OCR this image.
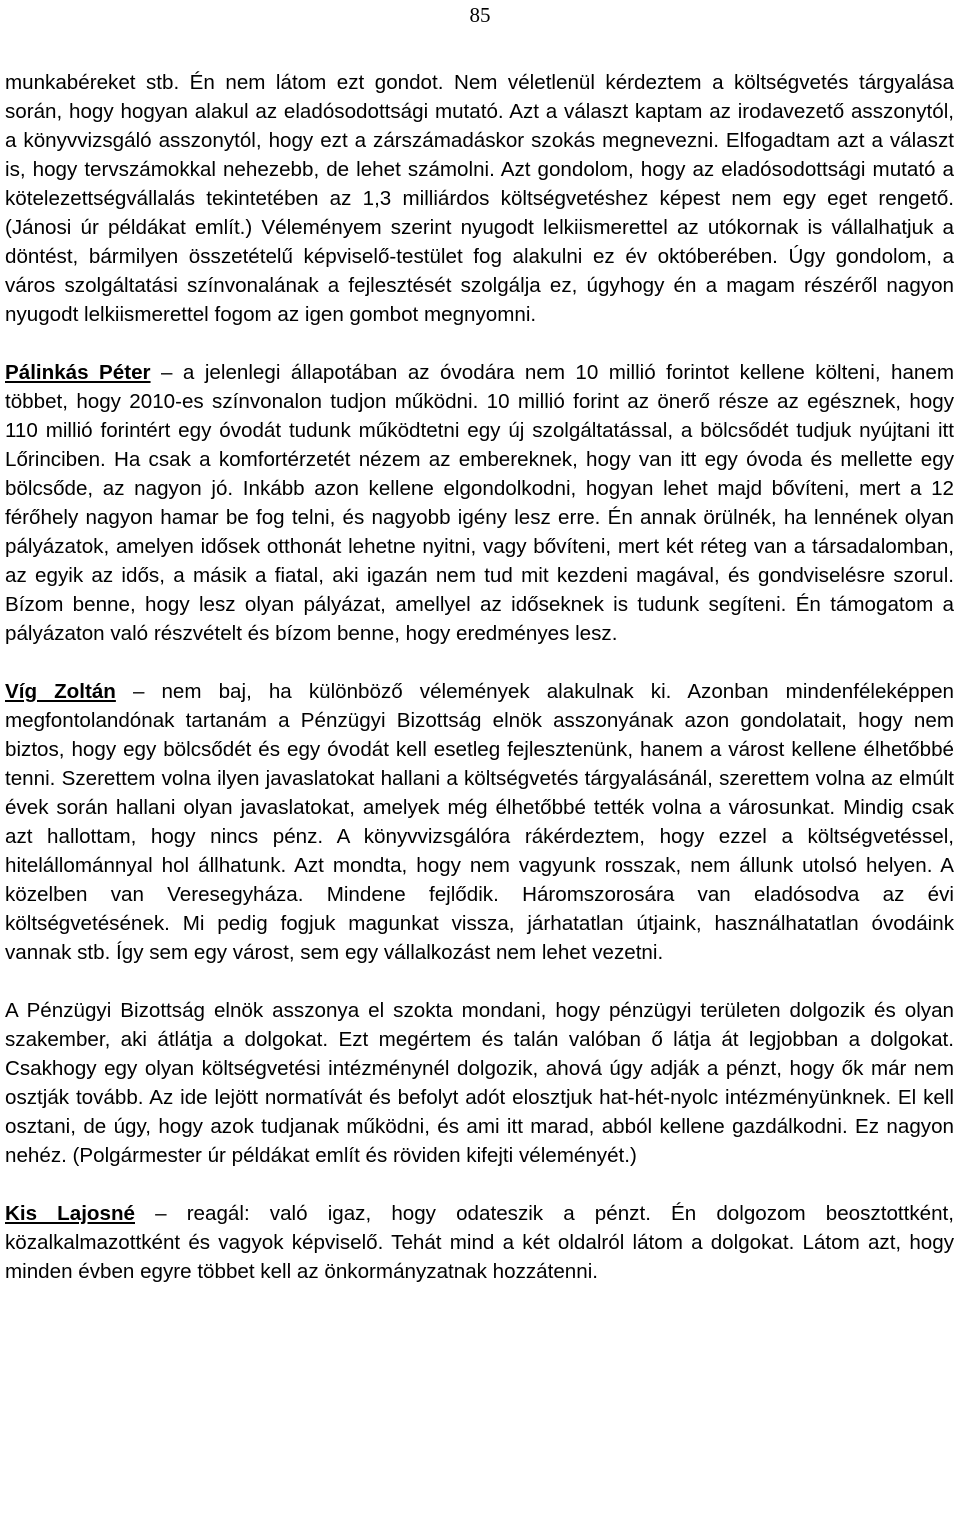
85

munkabéreket stb. Én nem látom ezt gondot. Nem véletlenül kérdeztem a költségvetés tárgyalása során, hogy hogyan alakul az eladósodottsági mutató. Azt a választ kaptam az irodavezető asszonytól, a könyvvizsgáló asszonytól, hogy ezt a zárszámadáskor szokás megnevezni. Elfogadtam azt a választ is, hogy tervszámokkal nehezebb, de lehet számolni. Azt gondolom, hogy az eladósodottsági mutató a kötelezettségvállalás tekintetében az 1,3 milliárdos költségvetéshez képest nem egy eget rengető. (Jánosi úr példákat említ.) Véleményem szerint nyugodt lelkiismerettel az utókornak is vállalhatjuk a döntést, bármilyen összetételű képviselő-testület fog alakulni ez év októberében. Úgy gondolom, a város szolgáltatási színvonalának a fejlesztését szolgálja ez, úgyhogy én a magam részéről nagyon nyugodt lelkiismerettel fogom az igen gombot megnyomni.

Pálinkás Péter – a jelenlegi állapotában az óvodára nem 10 millió forintot kellene költeni, hanem többet, hogy 2010-es színvonalon tudjon működni. 10 millió forint az önerő része az egésznek, hogy 110 millió forintért egy óvodát tudunk működtetni egy új szolgáltatással, a bölcsődét tudjuk nyújtani itt Lőrinciben. Ha csak a komfortérzetét nézem az embereknek, hogy van itt egy óvoda és mellette egy bölcsőde, az nagyon jó. Inkább azon kellene elgondolkodni, hogyan lehet majd bővíteni, mert a 12 férőhely nagyon hamar be fog telni, és nagyobb igény lesz erre. Én annak örülnék, ha lennének olyan pályázatok, amelyen idősek otthonát lehetne nyitni, vagy bővíteni, mert két réteg van a társadalomban, az egyik az idős, a másik a fiatal, aki igazán nem tud mit kezdeni magával, és gondviselésre szorul. Bízom benne, hogy lesz olyan pályázat, amellyel az időseknek is tudunk segíteni. Én támogatom a pályázaton való részvételt és bízom benne, hogy eredményes lesz.

Víg Zoltán – nem baj, ha különböző vélemények alakulnak ki. Azonban mindenféleképpen megfontolandónak tartanám a Pénzügyi Bizottság elnök asszonyának azon gondolatait, hogy nem biztos, hogy egy bölcsődét és egy óvodát kell esetleg fejlesztenünk, hanem a várost kellene élhetőbbé tenni. Szerettem volna ilyen javaslatokat hallani a költségvetés tárgyalásánál, szerettem volna az elmúlt évek során hallani olyan javaslatokat, amelyek még élhetőbbé tették volna a városunkat. Mindig csak azt hallottam, hogy nincs pénz. A könyvvizsgálóra rákérdeztem, hogy ezzel a költségvetéssel, hitelállománnyal hol állhatunk. Azt mondta, hogy nem vagyunk rosszak, nem állunk utolsó helyen. A közelben van Veresegyháza. Mindene fejlődik. Háromszorosára van eladósodva az évi költségvetésének. Mi pedig fogjuk magunkat vissza, járhatatlan útjaink, használhatatlan óvodáink vannak stb. Így sem egy várost, sem egy vállalkozást nem lehet vezetni.

A Pénzügyi Bizottság elnök asszonya el szokta mondani, hogy pénzügyi területen dolgozik és olyan szakember, aki átlátja a dolgokat. Ezt megértem és talán valóban ő látja át legjobban a dolgokat. Csakhogy egy olyan költségvetési intézménynél dolgozik, ahová úgy adják a pénzt, hogy ők már nem osztják tovább. Az ide lejött normatívát és befolyt adót elosztjuk hat-hét-nyolc intézményünknek. El kell osztani, de úgy, hogy azok tudjanak működni, és ami itt marad, abból kellene gazdálkodni. Ez nagyon nehéz. (Polgármester úr példákat említ és röviden kifejti véleményét.)

Kis Lajosné – reagál: való igaz, hogy odateszik a pénzt. Én dolgozom beosztottként, közalkalmazottként és vagyok képviselő. Tehát mind a két oldalról látom a dolgokat. Látom azt, hogy minden évben egyre többet kell az önkormányzatnak hozzátenni.
